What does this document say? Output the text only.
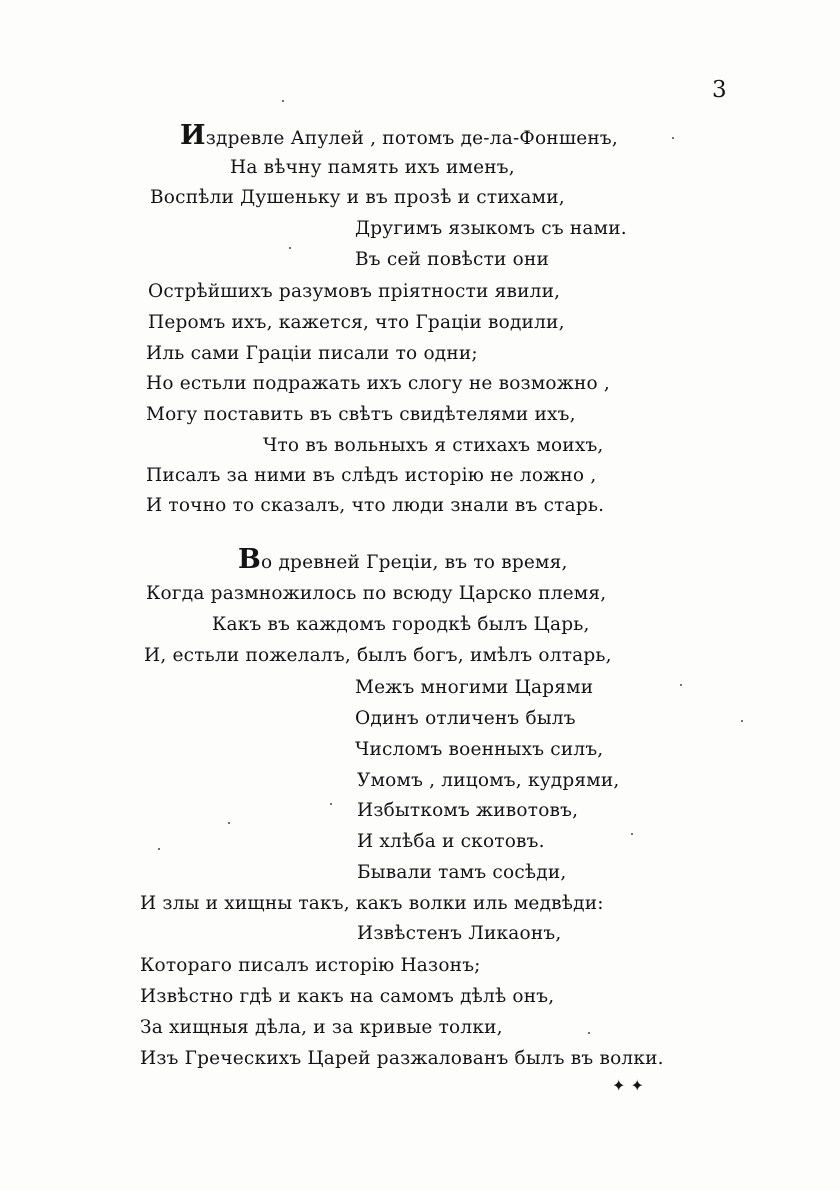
3
Издревле Апулей , потомъ де-ла-Фоншенъ,
На вѣчну память ихъ именъ,
Воспѣли Душеньку и въ прозѣ и стихами,
Другимъ языкомъ съ нами.
Въ сей повѣсти они
Острѣйшихъ разумовъ пріятности явили,
Перомъ ихъ, кажется, что Граціи водили,
Иль сами Граціи писали то одни;
Но естьли подражать ихъ слогу не возможно ,
Могу поставить въ свѣтъ свидѣтелями ихъ,
Что въ вольныхъ я стихахъ моихъ,
Писалъ за ними въ слѣдъ исторію не ложно ,
И точно то сказалъ, что люди знали въ старь.
Во древней Греціи, въ то время,
Когда размножилось по всюду Царско племя,
Какъ въ каждомъ городкѣ былъ Царь,
И, естьли пожелалъ, былъ богъ, имѣлъ олтарь,
Межъ многими Царями
Одинъ отличенъ былъ
Числомъ военныхъ силъ,
Умомъ , лицомъ, кудрями,
Избыткомъ животовъ,
И хлѣба и скотовъ.
Бывали тамъ сосѣди,
И злы и хищны такъ, какъ волки иль медвѣди:
Извѣстенъ Ликаонъ,
Котораго писалъ исторію Назонъ;
Извѣстно гдѣ и какъ на самомъ дѣлѣ онъ,
За хищныя дѣла, и за кривые толки,
Изъ Греческихъ Царей разжалованъ былъ въ волки.
✦ ✦
